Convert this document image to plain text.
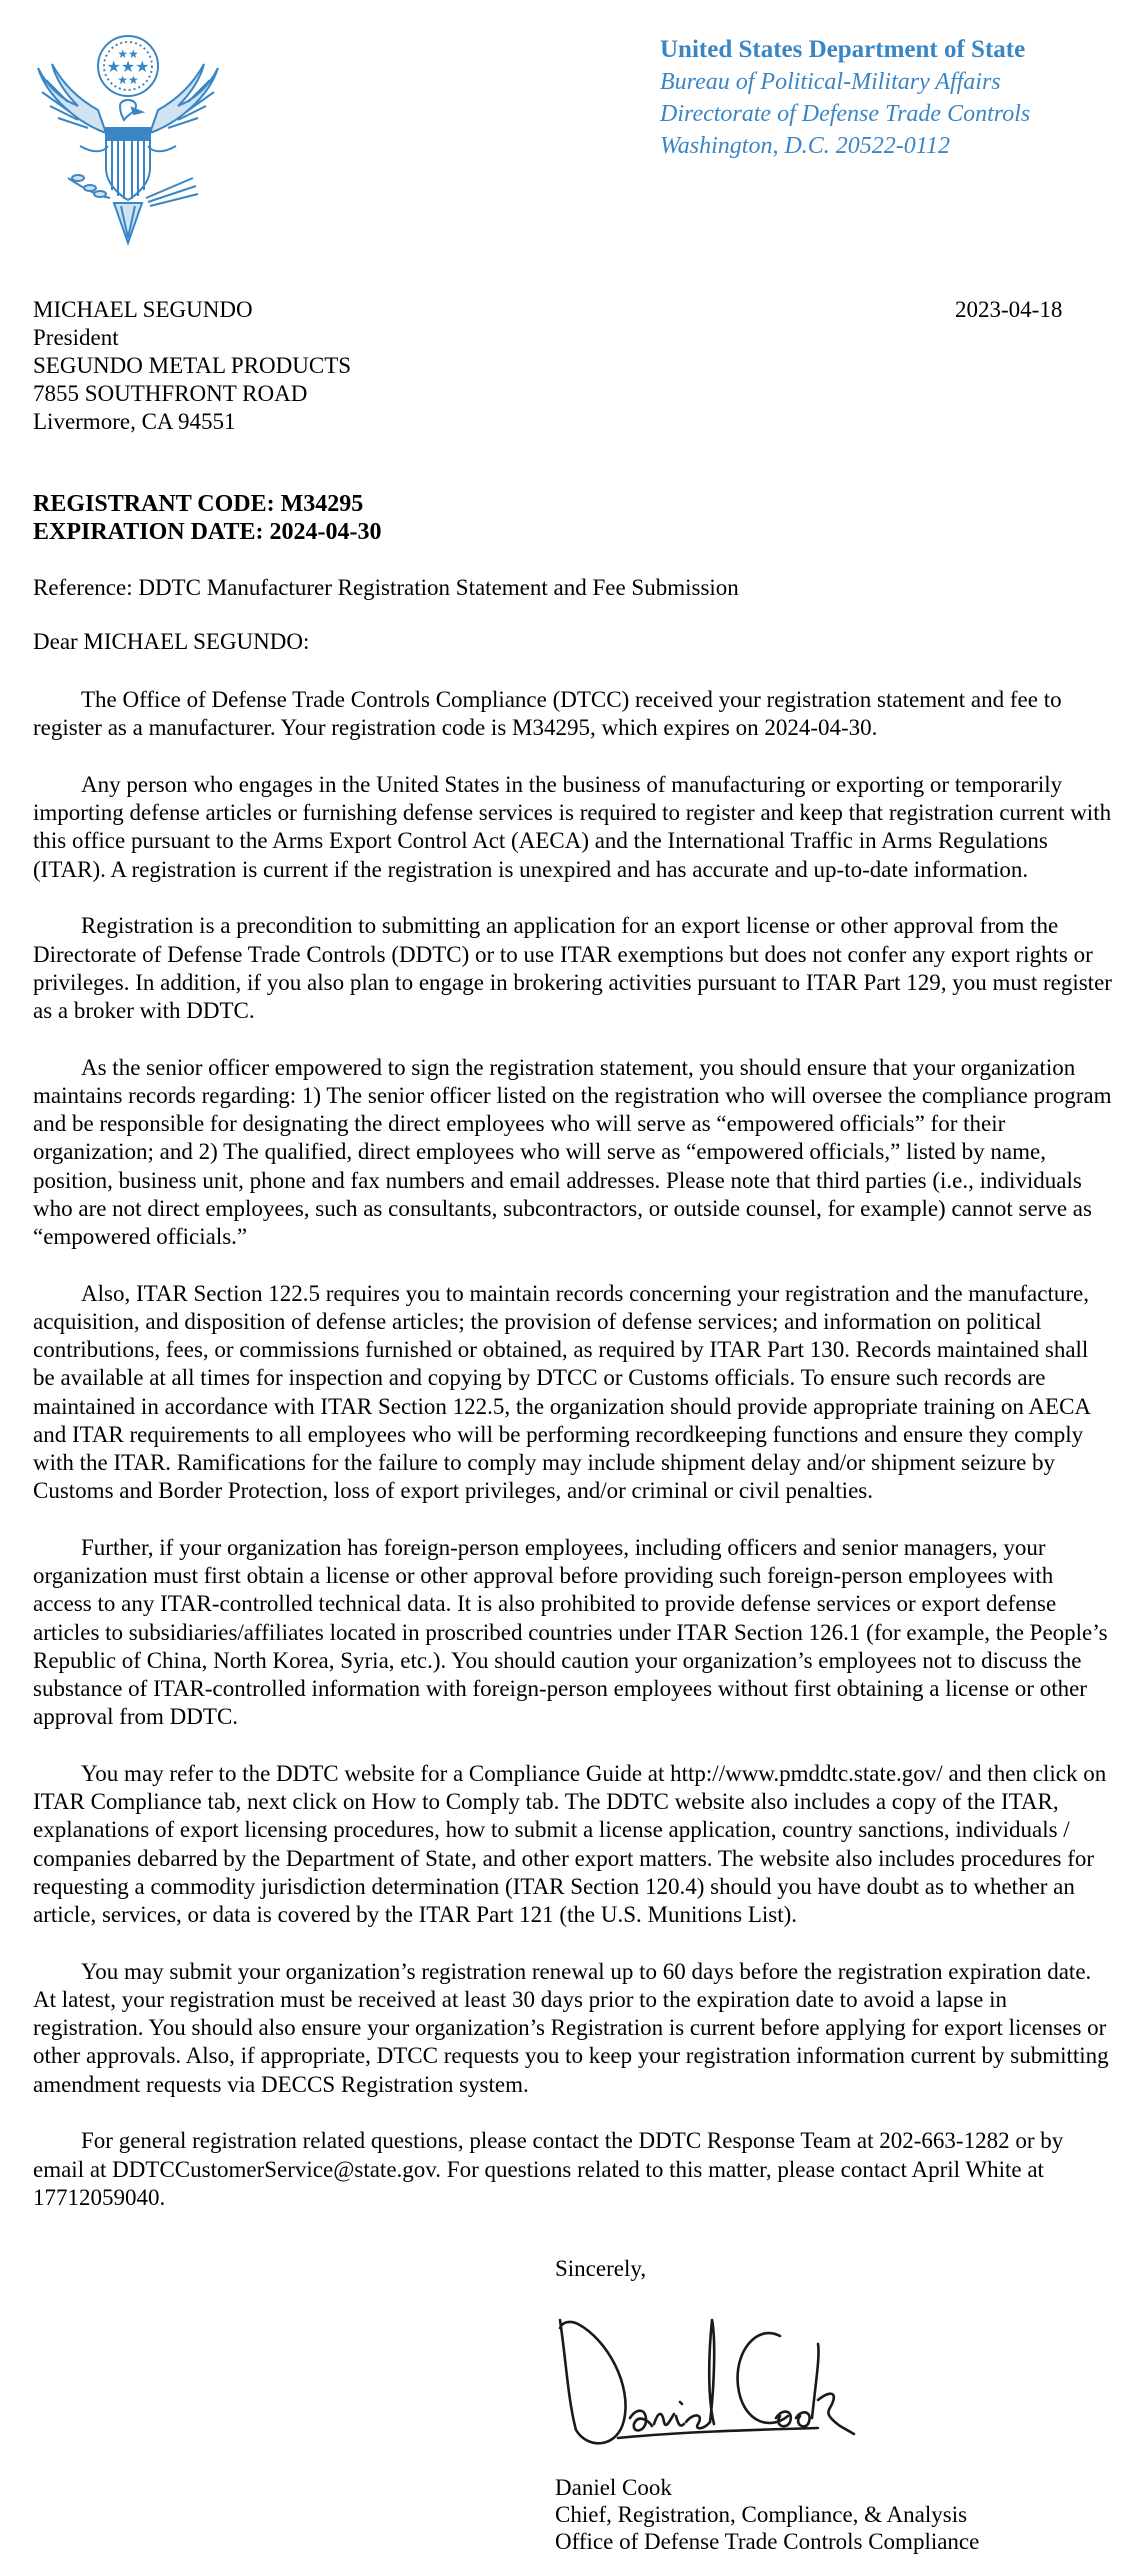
★★★
★★
★★
United States Department of State
Bureau of Political-Military Affairs
Directorate of Defense Trade Controls
Washington, D.C. 20522-0112
MICHAEL SEGUNDO
President
SEGUNDO METAL PRODUCTS
7855 SOUTHFRONT ROAD
Livermore, CA 94551
2023-04-18
REGISTRANT CODE: M34295
EXPIRATION DATE: 2024-04-30
Reference: DDTC Manufacturer Registration Statement and Fee Submission
Dear MICHAEL SEGUNDO:

The Office of Defense Trade Controls Compliance (DTCC) received your registration statement and fee to register as a manufacturer. Your registration code is M34295, which expires on 2024-04-30.

Any person who engages in the United States in the business of manufacturing or exporting or temporarily importing defense articles or furnishing defense services is required to register and keep that registration current with this office pursuant to the Arms Export Control Act (AECA) and the International Traffic in Arms Regulations (ITAR). A registration is current if the registration is unexpired and has accurate and up-to-date information.

Registration is a precondition to submitting an application for an export license or other approval from the Directorate of Defense Trade Controls (DDTC) or to use ITAR exemptions but does not confer any export rights or privileges. In addition, if you also plan to engage in brokering activities pursuant to ITAR Part 129, you must register as a broker with DDTC.

As the senior officer empowered to sign the registration statement, you should ensure that your organization maintains records regarding: 1) The senior officer listed on the registration who will oversee the compliance program and be responsible for designating the direct employees who will serve as “empowered officials” for their organization; and 2) The qualified, direct employees who will serve as “empowered officials,” listed by name, position, business unit, phone and fax numbers and email addresses. Please note that third parties (i.e., individuals who are not direct employees, such as consultants, subcontractors, or outside counsel, for example) cannot serve as “empowered officials.”

Also, ITAR Section 122.5 requires you to maintain records concerning your registration and the manufacture, acquisition, and disposition of defense articles; the provision of defense services; and information on political contributions, fees, or commissions furnished or obtained, as required by ITAR Part 130. Records maintained shall be available at all times for inspection and copying by DTCC or Customs officials. To ensure such records are maintained in accordance with ITAR Section 122.5, the organization should provide appropriate training on AECA and ITAR requirements to all employees who will be performing recordkeeping functions and ensure they comply with the ITAR. Ramifications for the failure to comply may include shipment delay and/or shipment seizure by Customs and Border Protection, loss of export privileges, and/or criminal or civil penalties.

Further, if your organization has foreign-person employees, including officers and senior managers, your organization must first obtain a license or other approval before providing such foreign-person employees with access to any ITAR-controlled technical data. It is also prohibited to provide defense services or export defense articles to subsidiaries/affiliates located in proscribed countries under ITAR Section 126.1 (for example, the People’s Republic of China, North Korea, Syria, etc.). You should caution your organization’s employees not to discuss the substance of ITAR-controlled information with foreign-person employees without first obtaining a license or other approval from DDTC.

You may refer to the DDTC website for a Compliance Guide at http://www.pmddtc.state.gov/ and then click on ITAR Compliance tab, next click on How to Comply tab. The DDTC website also includes a copy of the ITAR, explanations of export licensing procedures, how to submit a license application, country sanctions, individuals / companies debarred by the Department of State, and other export matters. The website also includes procedures for requesting a commodity jurisdiction determination (ITAR Section 120.4) should you have doubt as to whether an article, services, or data is covered by the ITAR Part 121 (the U.S. Munitions List).

You may submit your organization’s registration renewal up to 60 days before the registration expiration date. At latest, your registration must be received at least 30 days prior to the expiration date to avoid a lapse in registration. You should also ensure your organization’s Registration is current before applying for export licenses or other approvals. Also, if appropriate, DTCC requests you to keep your registration information current by submitting amendment requests via DECCS Registration system.

For general registration related questions, please contact the DDTC Response Team at 202-663-1282 or by email at DDTCCustomerService@state.gov. For questions related to this matter, please contact April White at 17712059040.

Sincerely,
Daniel Cook
Chief, Registration, Compliance, & Analysis
Office of Defense Trade Controls Compliance
